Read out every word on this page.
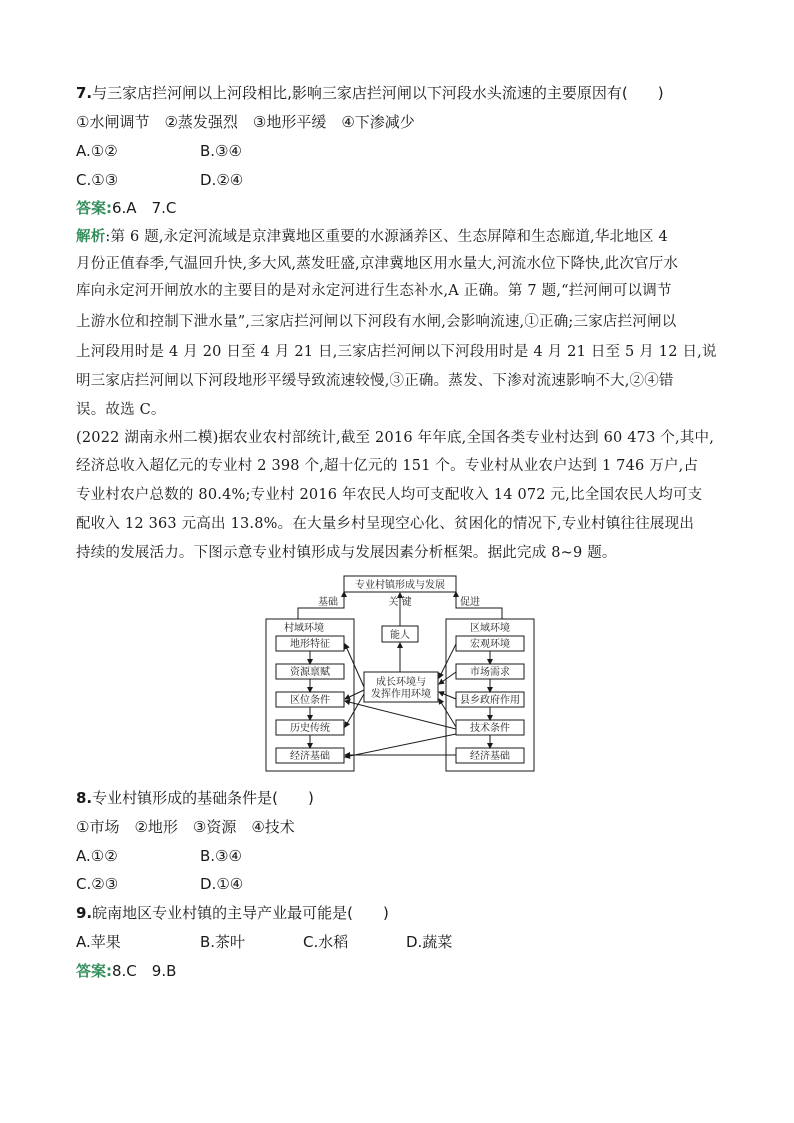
7.与三家店拦河闸以上河段相比,影响三家店拦河闸以下河段水头流速的主要原因有(　　)
①水闸调节　②蒸发强烈　③地形平缓　④下渗减少
A.①②	B.③④
C.①③	D.②④
答案:6.A　7.C
解析:第 6 题,永定河流域是京津冀地区重要的水源涵养区、生态屏障和生态廊道,华北地区 4
月份正值春季,气温回升快,多大风,蒸发旺盛,京津冀地区用水量大,河流水位下降快,此次官厅水
库向永定河开闸放水的主要目的是对永定河进行生态补水,A 正确。第 7 题,“拦河闸可以调节
上游水位和控制下泄水量”,三家店拦河闸以下河段有水闸,会影响流速,①正确;三家店拦河闸以
上河段用时是 4 月 20 日至 4 月 21 日,三家店拦河闸以下河段用时是 4 月 21 日至 5 月 12 日,说
明三家店拦河闸以下河段地形平缓导致流速较慢,③正确。蒸发、下渗对流速影响不大,②④错
误。故选 C。
(2022 湖南永州二模)据农业农村部统计,截至 2016 年年底,全国各类专业村达到 60 473 个,其中,
经济总收入超亿元的专业村 2 398 个,超十亿元的 151 个。专业村从业农户达到 1 746 万户,占
专业村农户总数的 80.4%;专业村 2016 年农民人均可支配收入 14 072 元,比全国农民人均可支
配收入 12 363 元高出 13.8%。在大量乡村呈现空心化、贫困化的情况下,专业村镇往往展现出
持续的发展活力。下图示意专业村镇形成与发展因素分析框架。据此完成 8~9 题。
专业村镇形成与发展
基础	关 键	促进
村域环境
地形特征
资源禀赋
区位条件
历史传统
经济基础
能人
成长环境与
发挥作用环境
区域环境
宏观环境
市场需求
县乡政府作用
技术条件
经济基础
8.专业村镇形成的基础条件是(　　)
①市场　②地形　③资源　④技术
A.①②	B.③④
C.②③	D.①④
9.皖南地区专业村镇的主导产业最可能是(　　)
A.苹果	B.茶叶	C.水稻	D.蔬菜
答案:8.C　9.B
